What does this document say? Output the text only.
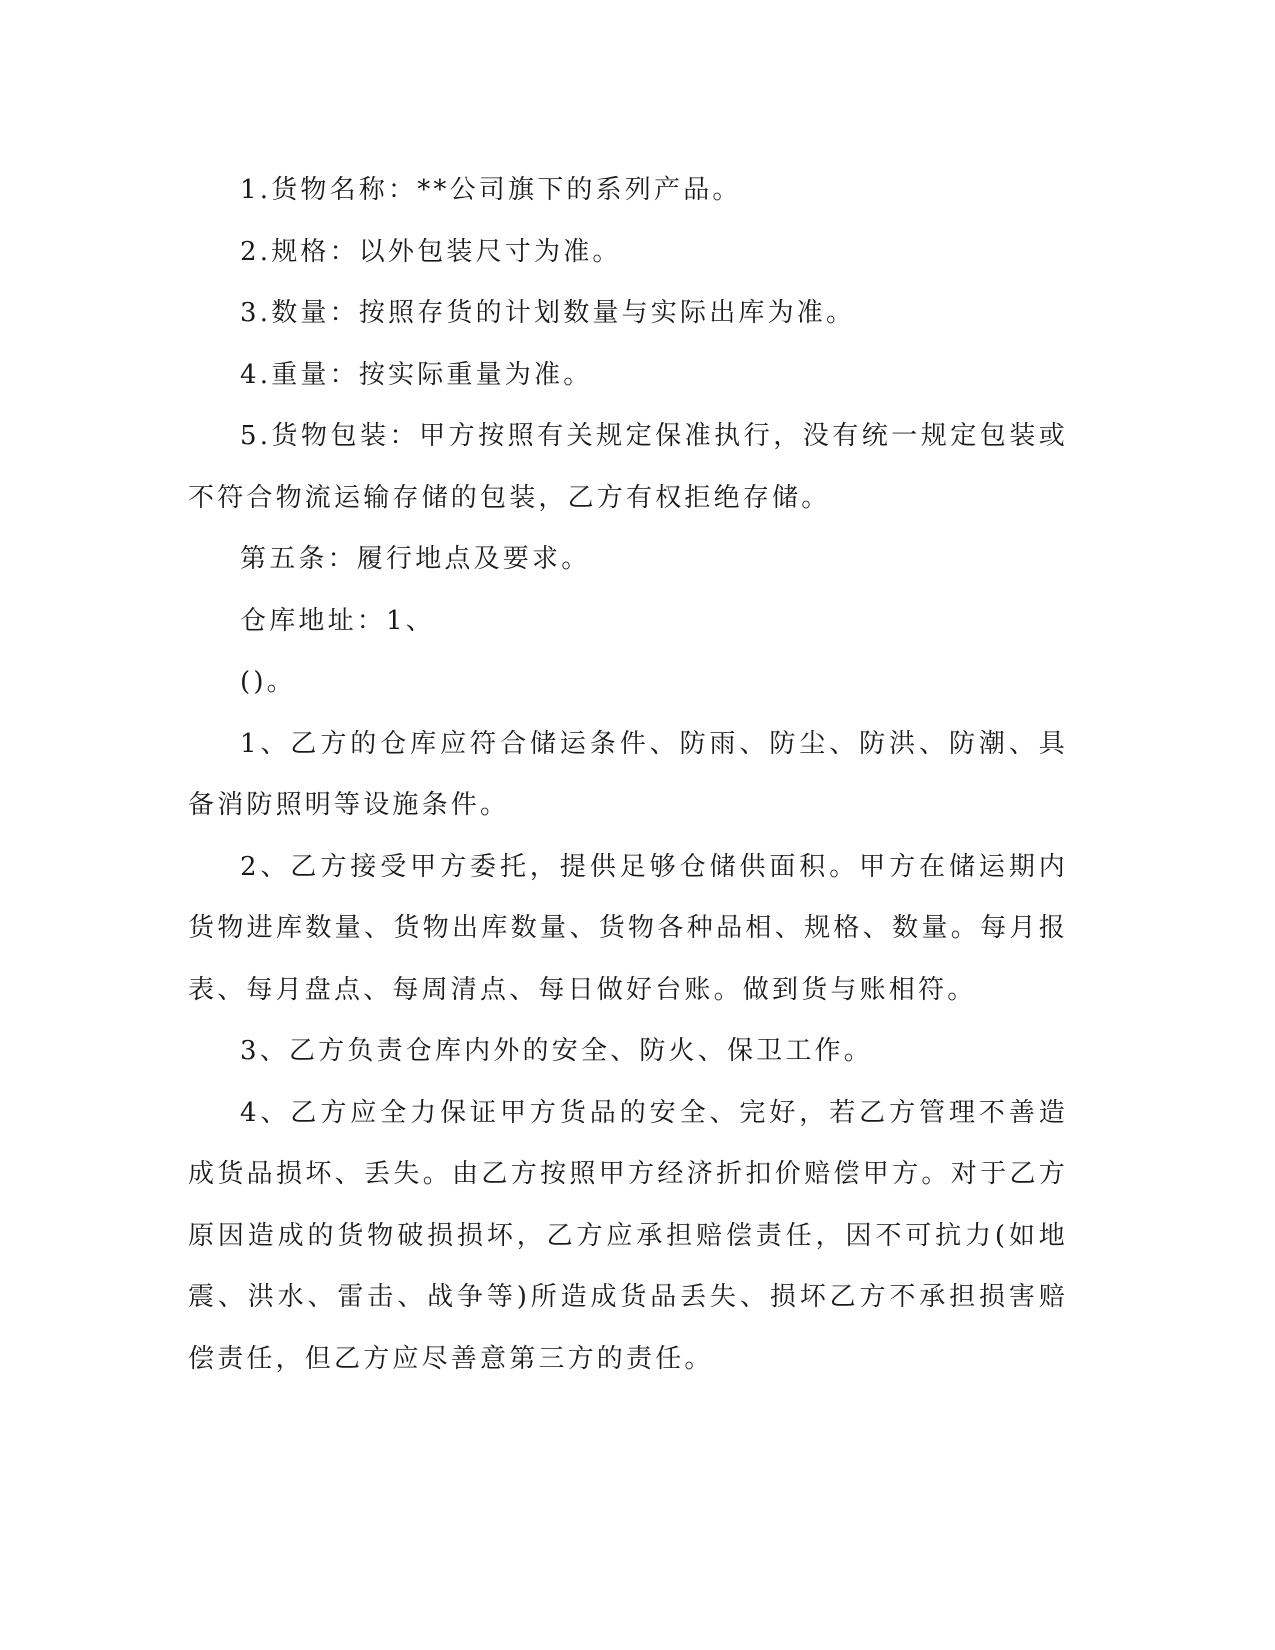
1.货物名称：**公司旗下的系列产品。

2.规格：以外包装尺寸为准。

3.数量：按照存货的计划数量与实际出库为准。

4.重量：按实际重量为准。

5.货物包装：甲方按照有关规定保准执行，没有统一规定包装或不符合物流运输存储的包装，乙方有权拒绝存储。

第五条：履行地点及要求。

仓库地址：1、

()。

1、乙方的仓库应符合储运条件、防雨、防尘、防洪、防潮、具备消防照明等设施条件。

2、乙方接受甲方委托，提供足够仓储供面积。甲方在储运期内货物进库数量、货物出库数量、货物各种品相、规格、数量。每月报表、每月盘点、每周清点、每日做好台账。做到货与账相符。

3、乙方负责仓库内外的安全、防火、保卫工作。

4、乙方应全力保证甲方货品的安全、完好，若乙方管理不善造成货品损坏、丢失。由乙方按照甲方经济折扣价赔偿甲方。对于乙方原因造成的货物破损损坏，乙方应承担赔偿责任，因不可抗力(如地震、洪水、雷击、战争等)所造成货品丢失、损坏乙方不承担损害赔偿责任，但乙方应尽善意第三方的责任。
